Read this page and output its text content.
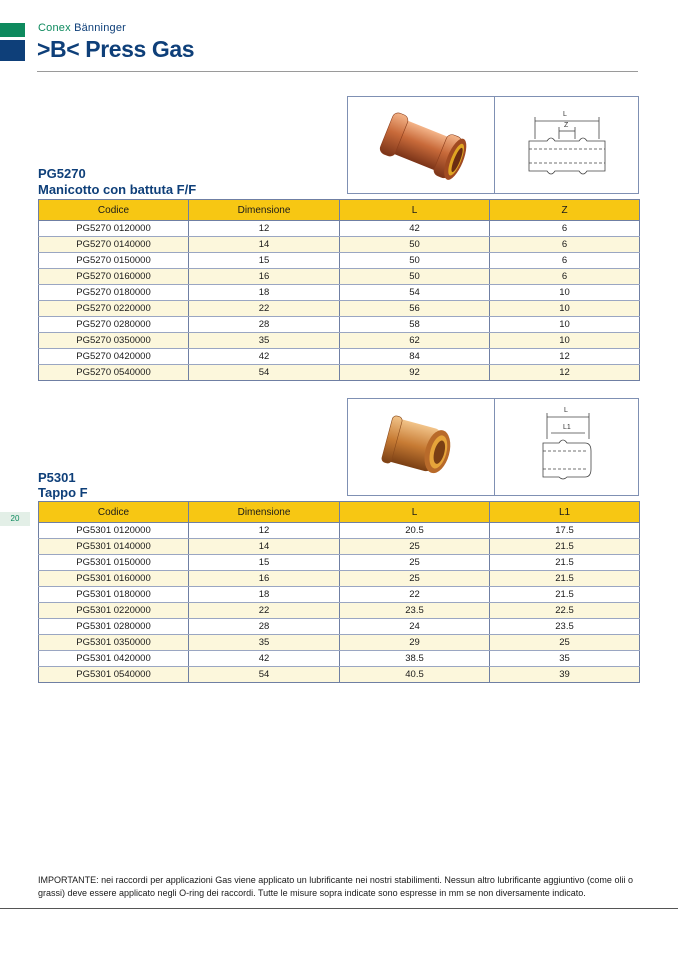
Conex Bänninger
>B< Press Gas
L
Z
PG5270
Manicotto con battuta F/F
Codice	Dimensione	L	Z
PG5270 0120000	12	42	6
PG5270 0140000	14	50	6
PG5270 0150000	15	50	6
PG5270 0160000	16	50	6
PG5270 0180000	18	54	10
PG5270 0220000	22	56	10
PG5270 0280000	28	58	10
PG5270 0350000	35	62	10
PG5270 0420000	42	84	12
PG5270 0540000	54	92	12
L
L1
P5301
Tappo F
20
Codice	Dimensione	L	L1
PG5301 0120000	12	20.5	17.5
PG5301 0140000	14	25	21.5
PG5301 0150000	15	25	21.5
PG5301 0160000	16	25	21.5
PG5301 0180000	18	22	21.5
PG5301 0220000	22	23.5	22.5
PG5301 0280000	28	24	23.5
PG5301 0350000	35	29	25
PG5301 0420000	42	38.5	35
PG5301 0540000	54	40.5	39
IMPORTANTE: nei raccordi per applicazioni Gas viene applicato un lubrificante nei nostri stabilimenti. Nessun altro lubrificante aggiuntivo (come olii o grassi) deve essere applicato negli O-ring dei raccordi. Tutte le misure sopra indicate sono espresse in mm se non diversamente indicato.
